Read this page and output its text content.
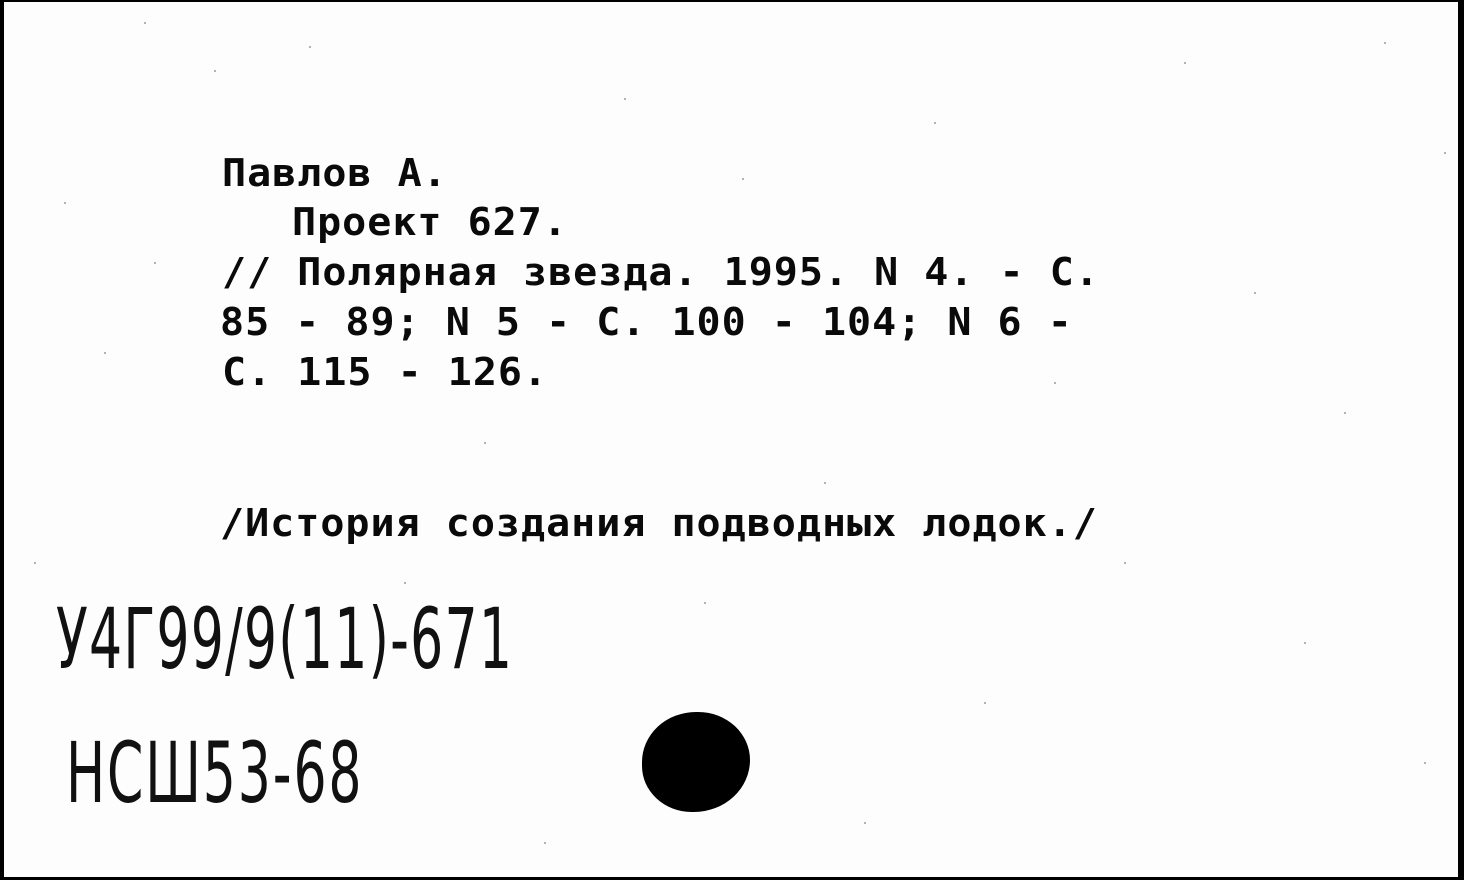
Павлов А.

Проект 627.

// Полярная звезда. 1995. N 4. - С.

85 - 89; N 5 - С. 100 - 104; N 6 -

С. 115 - 126.

/История создания подводных лодок./

У4Г99/9(11)-671

НСШ53-68
